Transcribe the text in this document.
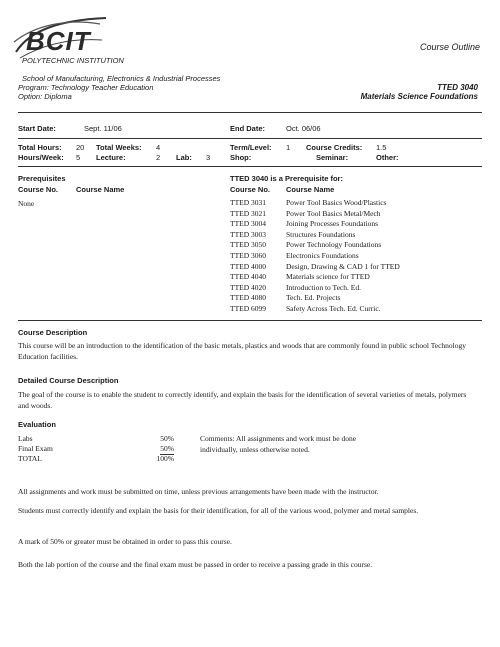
BCIT
POLYTECHNIC INSTITUTION
Course Outline
School of Manufacturing, Electronics & Industrial Processes
Program: Technology Teacher Education
Option: Diploma
TTED 3040
Materials Science Foundations
Start Date:	Sept. 11/06	End Date:	Oct. 06/06
Total Hours: 20 Total Weeks: 4	Term/Level: 1 Course Credits: 1.5
Hours/Week: 5 Lecture:	2 Lab: 3	Shop:	Seminar:	Other:
Prerequisites
Course No. Course Name
None
TTED 3040 is a Prerequisite for:
Course No. Course Name
TTED 3031	Power Tool Basics Wood/Plastics
TTED 3021	Power Tool Basics Metal/Mech
TTED 3004	Joining Processes Foundations
TTED 3003	Structures Foundations
TTED 3050	Power Technology Foundations
TTED 3060	Electronics Foundations
TTED 4000	Design, Drawing & CAD 1 for TTED
TTED 4040	Materials science for TTED
TTED 4020	Introduction to Tech. Ed.
TTED 4080	Tech. Ed. Projects
TTED 6099	Safety Across Tech. Ed. Curric.
Course Description
This course will be an introduction to the identification of the basic metals, plastics and woods that are commonly found in public school Technology Education facilities.
Detailed Course Description
The goal of the course is to enable the student to correctly identify, and explain the basis for the identification of several varieties of metals, polymers and woods.
Evaluation
Labs	50%
Final Exam	50%
TOTAL	100%
Comments: All assignments and work must be done individually, unless otherwise noted.
All assignments and work must be submitted on time, unless previous arrangements have been made with the instructor.
Students must correctly identify and explain the basis for their identification, for all of the various wood, polymer and metal samples.
A mark of 50% or greater must be obtained in order to pass this course.
Both the lab portion of the course and the final exam must be passed in order to receive a passing grade in this course.
